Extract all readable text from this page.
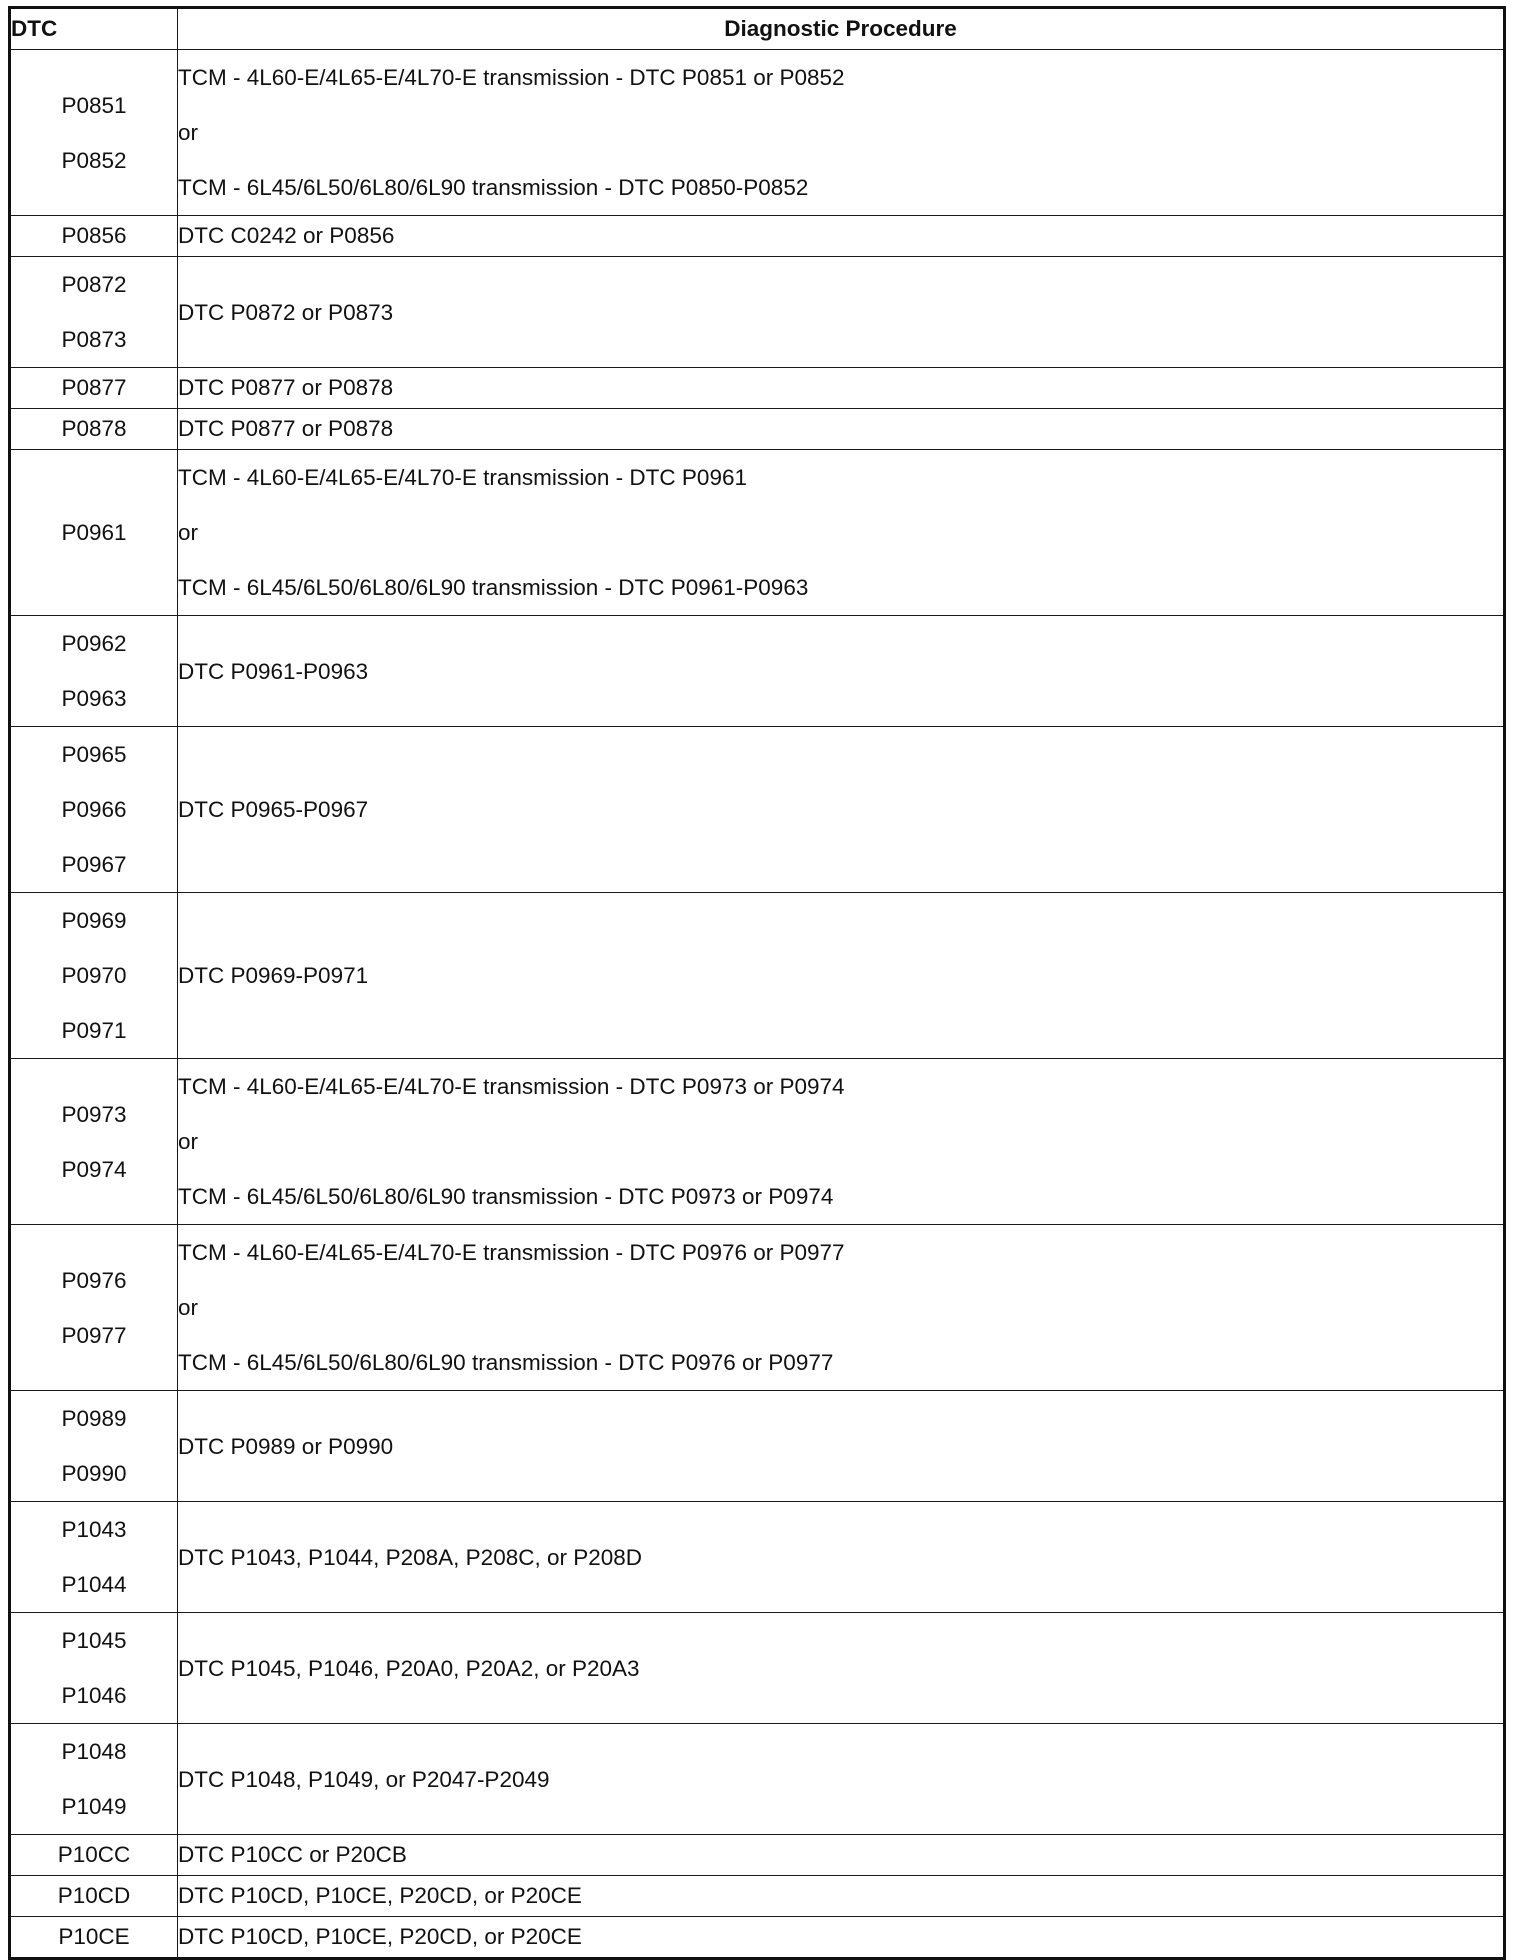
DTC	Diagnostic Procedure

P0851
P0852	TCM - 4L60-E/4L65-E/4L70-E transmission - DTC P0851 or P0852
or
TCM - 6L45/6L50/6L80/6L90 transmission - DTC P0850-P0852

P0856	DTC C0242 or P0856

P0872
P0873	DTC P0872 or P0873

P0877	DTC P0877 or P0878

P0878	DTC P0877 or P0878

P0961	TCM - 4L60-E/4L65-E/4L70-E transmission - DTC P0961
or
TCM - 6L45/6L50/6L80/6L90 transmission - DTC P0961-P0963

P0962
P0963	DTC P0961-P0963

P0965
P0966
P0967	DTC P0965-P0967

P0969
P0970
P0971	DTC P0969-P0971

P0973
P0974	TCM - 4L60-E/4L65-E/4L70-E transmission - DTC P0973 or P0974
or
TCM - 6L45/6L50/6L80/6L90 transmission - DTC P0973 or P0974

P0976
P0977	TCM - 4L60-E/4L65-E/4L70-E transmission - DTC P0976 or P0977
or
TCM - 6L45/6L50/6L80/6L90 transmission - DTC P0976 or P0977

P0989
P0990	DTC P0989 or P0990

P1043
P1044	DTC P1043, P1044, P208A, P208C, or P208D

P1045
P1046	DTC P1045, P1046, P20A0, P20A2, or P20A3

P1048
P1049	DTC P1048, P1049, or P2047-P2049

P10CC	DTC P10CC or P20CB

P10CD	DTC P10CD, P10CE, P20CD, or P20CE

P10CE	DTC P10CD, P10CE, P20CD, or P20CE
